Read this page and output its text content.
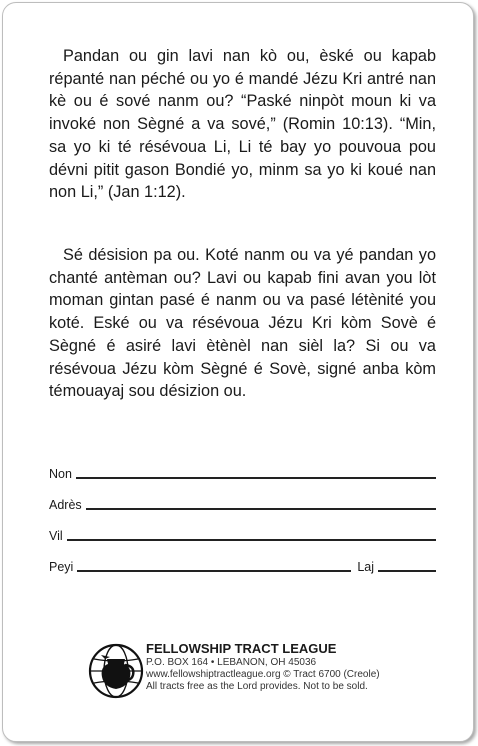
Pandan ou gin lavi nan kò ou, èské ou kapab répanté nan péché ou yo é mandé Jézu Kri antré nan kè ou é sové nanm ou? “Paské ninpòt moun ki va invoké non Sègné a va sové,” (Romin 10:13). “Min, sa yo ki té résévoua Li, Li té bay yo pouvoua pou dévni pitit gason Bondié yo, minm sa yo ki koué nan non Li,” (Jan 1:12).

Sé désision pa ou. Koté nanm ou va yé pandan yo chanté antèman ou? Lavi ou kapab fini avan you lòt moman gintan pasé é nanm ou va pasé létènité you koté. Eské ou va résévoua Jézu Kri kòm Sovè é Sègné é asiré lavi ètènèl nan sièl la? Si ou va résévoua Jézu kòm Sègné é Sovè, signé anba kòm témouayaj sou désizion ou.

Non
Adrès
Vil
Peyi	Laj
FELLOWSHIP TRACT LEAGUE
P.O. BOX 164 • LEBANON, OH 45036
www.fellowshiptractleague.org © Tract 6700 (Creole)
All tracts free as the Lord provides. Not to be sold.
